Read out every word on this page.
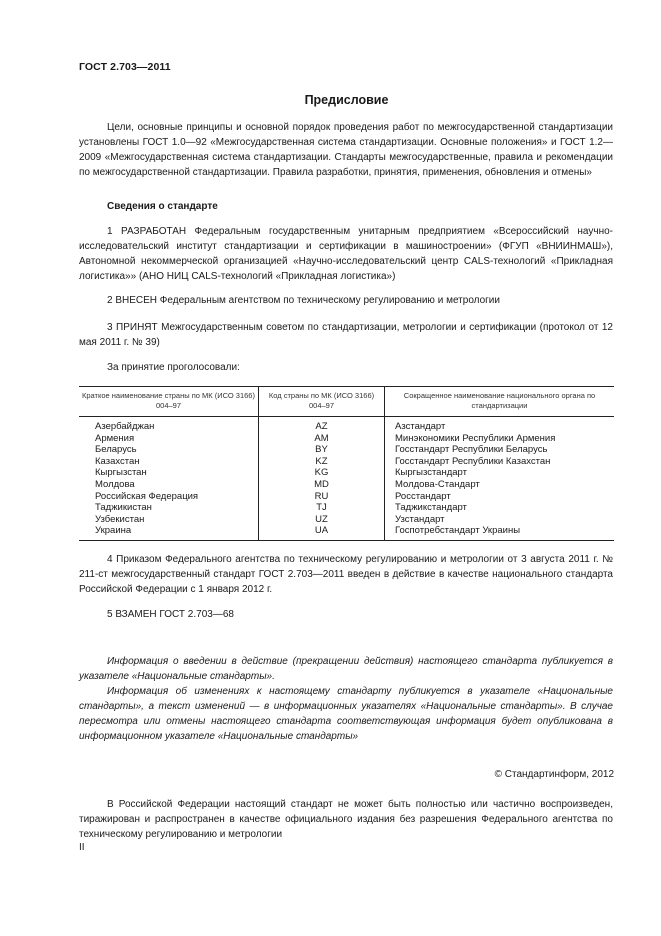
ГОСТ 2.703—2011
Предисловие

Цели, основные принципы и основной порядок проведения работ по межгосударственной стандартизации установлены ГОСТ 1.0—92 «Межгосударственная система стандартизации. Основные положения» и ГОСТ 1.2—2009 «Межгосударственная система стандартизации. Стандарты межгосударственные, правила и рекомендации по межгосударственной стандартизации. Правила разработки, принятия, применения, обновления и отмены»

Сведения о стандарте

1 РАЗРАБОТАН Федеральным государственным унитарным предприятием «Всероссийский научно-исследовательский институт стандартизации и сертификации в машиностроении» (ФГУП «ВНИИНМАШ»), Автономной некоммерческой организацией «Научно-исследовательский центр CALS-технологий «Прикладная логистика»» (АНО НИЦ CALS-технологий «Прикладная логистика»)

2 ВНЕСЕН Федеральным агентством по техническому регулированию и метрологии

3 ПРИНЯТ Межгосударственным советом по стандартизации, метрологии и сертификации (протокол от 12 мая 2011 г. № 39)

За принятие проголосовали:
Краткое наименование страны по МК (ИСО 3166) 004–97	Код страны по МК (ИСО 3166) 004–97	Сокращенное наименование национального органа по стандартизации
Азербайджан	AZ	Азстандарт
Армения	AM	Минэкономики Республики Армения
Беларусь	BY	Госстандарт Республики Беларусь
Казахстан	KZ	Госстандарт Республики Казахстан
Кыргызстан	KG	Кыргызстандарт
Молдова	MD	Молдова-Стандарт
Российская Федерация	RU	Росстандарт
Таджикистан	TJ	Таджикстандарт
Узбекистан	UZ	Узстандарт
Украина	UA	Госпотребстандарт Украины

4 Приказом Федерального агентства по техническому регулированию и метрологии от 3 августа 2011 г. № 211-ст межгосударственный стандарт ГОСТ 2.703—2011 введен в действие в качестве национального стандарта Российской Федерации с 1 января 2012 г.

5 ВЗАМЕН ГОСТ 2.703—68

Информация о введении в действие (прекращении действия) настоящего стандарта публикуется в указателе «Национальные стандарты».

Информация об изменениях к настоящему стандарту публикуется в указателе «Национальные стандарты», а текст изменений — в информационных указателях «Национальные стандарты». В случае пересмотра или отмены настоящего стандарта соответствующая информация будет опубликована в информационном указателе «Национальные стандарты»

© Стандартинформ, 2012

В Российской Федерации настоящий стандарт не может быть полностью или частично воспроизведен, тиражирован и распространен в качестве официального издания без разрешения Федерального агентства по техническому регулированию и метрологии

II
